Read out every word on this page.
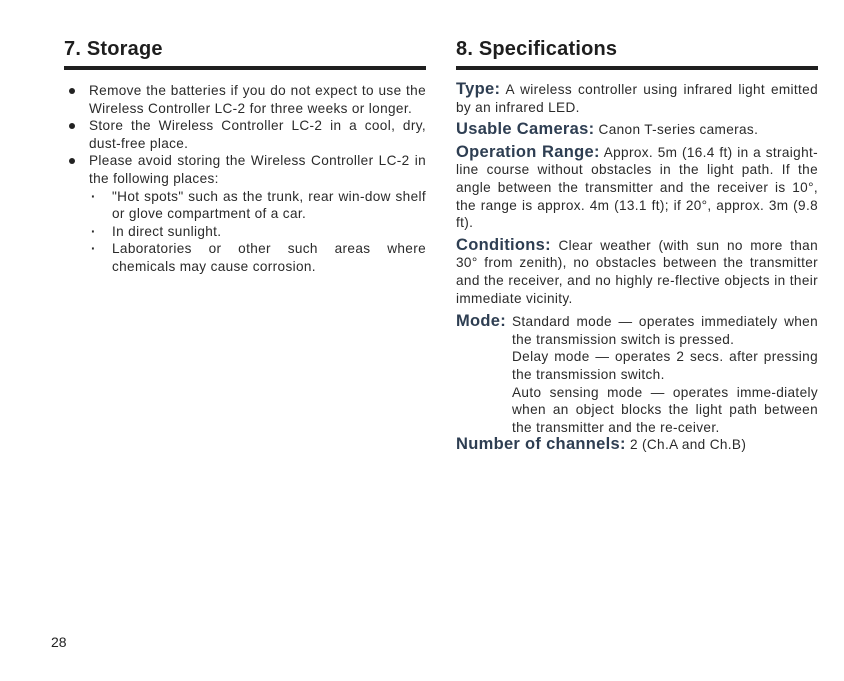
7. Storage
Remove the batteries if you do not expect to use the Wireless Controller LC-2 for three weeks or longer.
Store the Wireless Controller LC-2 in a cool, dry, dust-free place.
Please avoid storing the Wireless Controller LC-2 in the following places:
· "Hot spots" such as the trunk, rear win-dow shelf or glove compartment of a car.
· In direct sunlight.
· Laboratories or other such areas where chemicals may cause corrosion.
8. Specifications

Type: A wireless controller using infrared light emitted by an infrared LED.

Usable Cameras: Canon T-series cameras.

Operation Range: Approx. 5m (16.4 ft) in a straight-line course without obstacles in the light path. If the angle between the transmitter and the receiver is 10°, the range is approx. 4m (13.1 ft); if 20°, approx. 3m (9.8 ft).

Conditions: Clear weather (with sun no more than 30° from zenith), no obstacles between the transmitter and the receiver, and no highly re-flective objects in their immediate vicinity.

Mode: Standard mode — operates immediately when the transmission switch is pressed.

Delay mode — operates 2 secs. after pressing the transmission switch.

Auto sensing mode — operates imme-diately when an object blocks the light path between the transmitter and the re-ceiver.

Number of channels: 2 (Ch.A and Ch.B)

28
